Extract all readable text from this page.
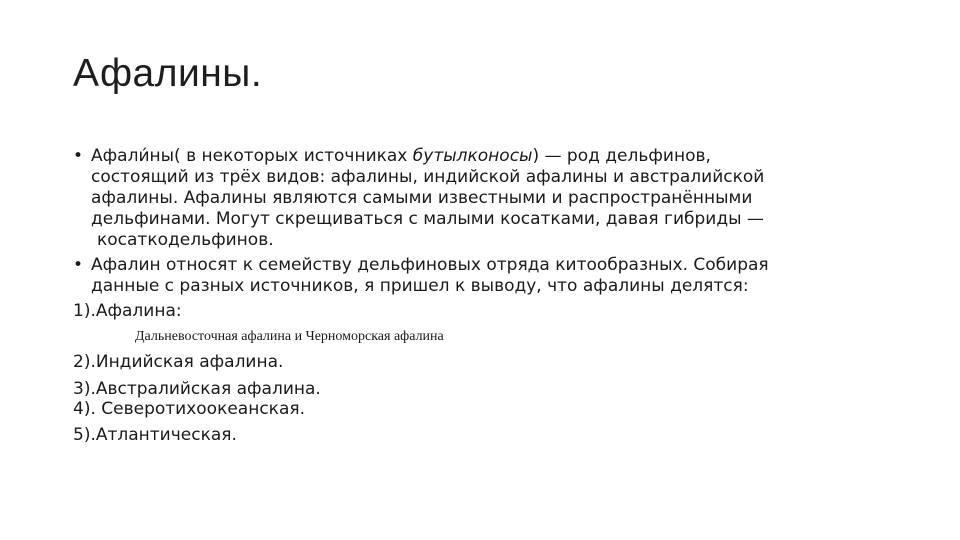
Афалины.

• Афали́ны( в некоторых источниках бутылконосы) — род дельфинов,
состоящий из трёх видов: афалины, индийской афалины и австралийской
афалины. Афалины являются самыми известными и распространёнными
дельфинами. Могут скрещиваться с малыми косатками, давая гибриды —
косаткодельфинов.

• Афалин относят к семейству дельфиновых отряда китообразных. Собирая
данные с разных источников, я пришел к выводу, что афалины делятся:

1).Афалина:
Дальневосточная афалина и Черноморская афалина
2).Индийская афалина.
3).Австралийская афалина.
4). Северотихоокеанская.
5).Атлантическая.
